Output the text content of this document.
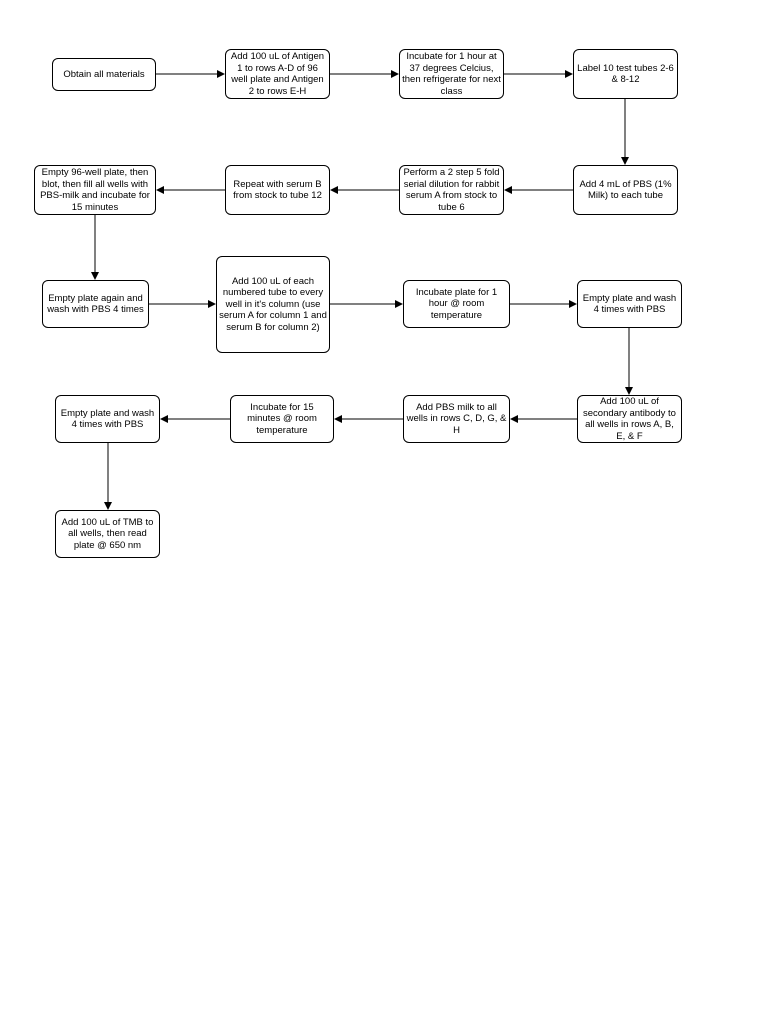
Obtain all materials
Add 100 uL of Antigen 1 to rows A-D of 96 well plate and Antigen 2 to rows E-H
Incubate for 1 hour at 37 degrees Celcius, then refrigerate for next class
Label 10 test tubes 2-6 & 8-12
Add 4 mL of PBS (1% Milk) to each tube
Perform a 2 step 5 fold serial dilution for rabbit serum A from stock to tube 6
Repeat with serum B from stock to tube 12
Empty 96-well plate, then blot, then fill all wells with PBS-milk and incubate for 15 minutes
Empty plate again and wash with PBS 4 times
Add 100 uL of each numbered tube to every well in it's column (use serum A for column 1 and serum B for column 2)
Incubate plate for 1 hour @ room temperature
Empty plate and wash 4 times with PBS
Add 100 uL of secondary antibody to all wells in rows A, B, E, & F
Add PBS milk to all wells in rows C, D, G, & H
Incubate for 15 minutes @ room temperature
Empty plate and wash 4 times with PBS
Add 100 uL of TMB to all wells, then read plate @ 650 nm
